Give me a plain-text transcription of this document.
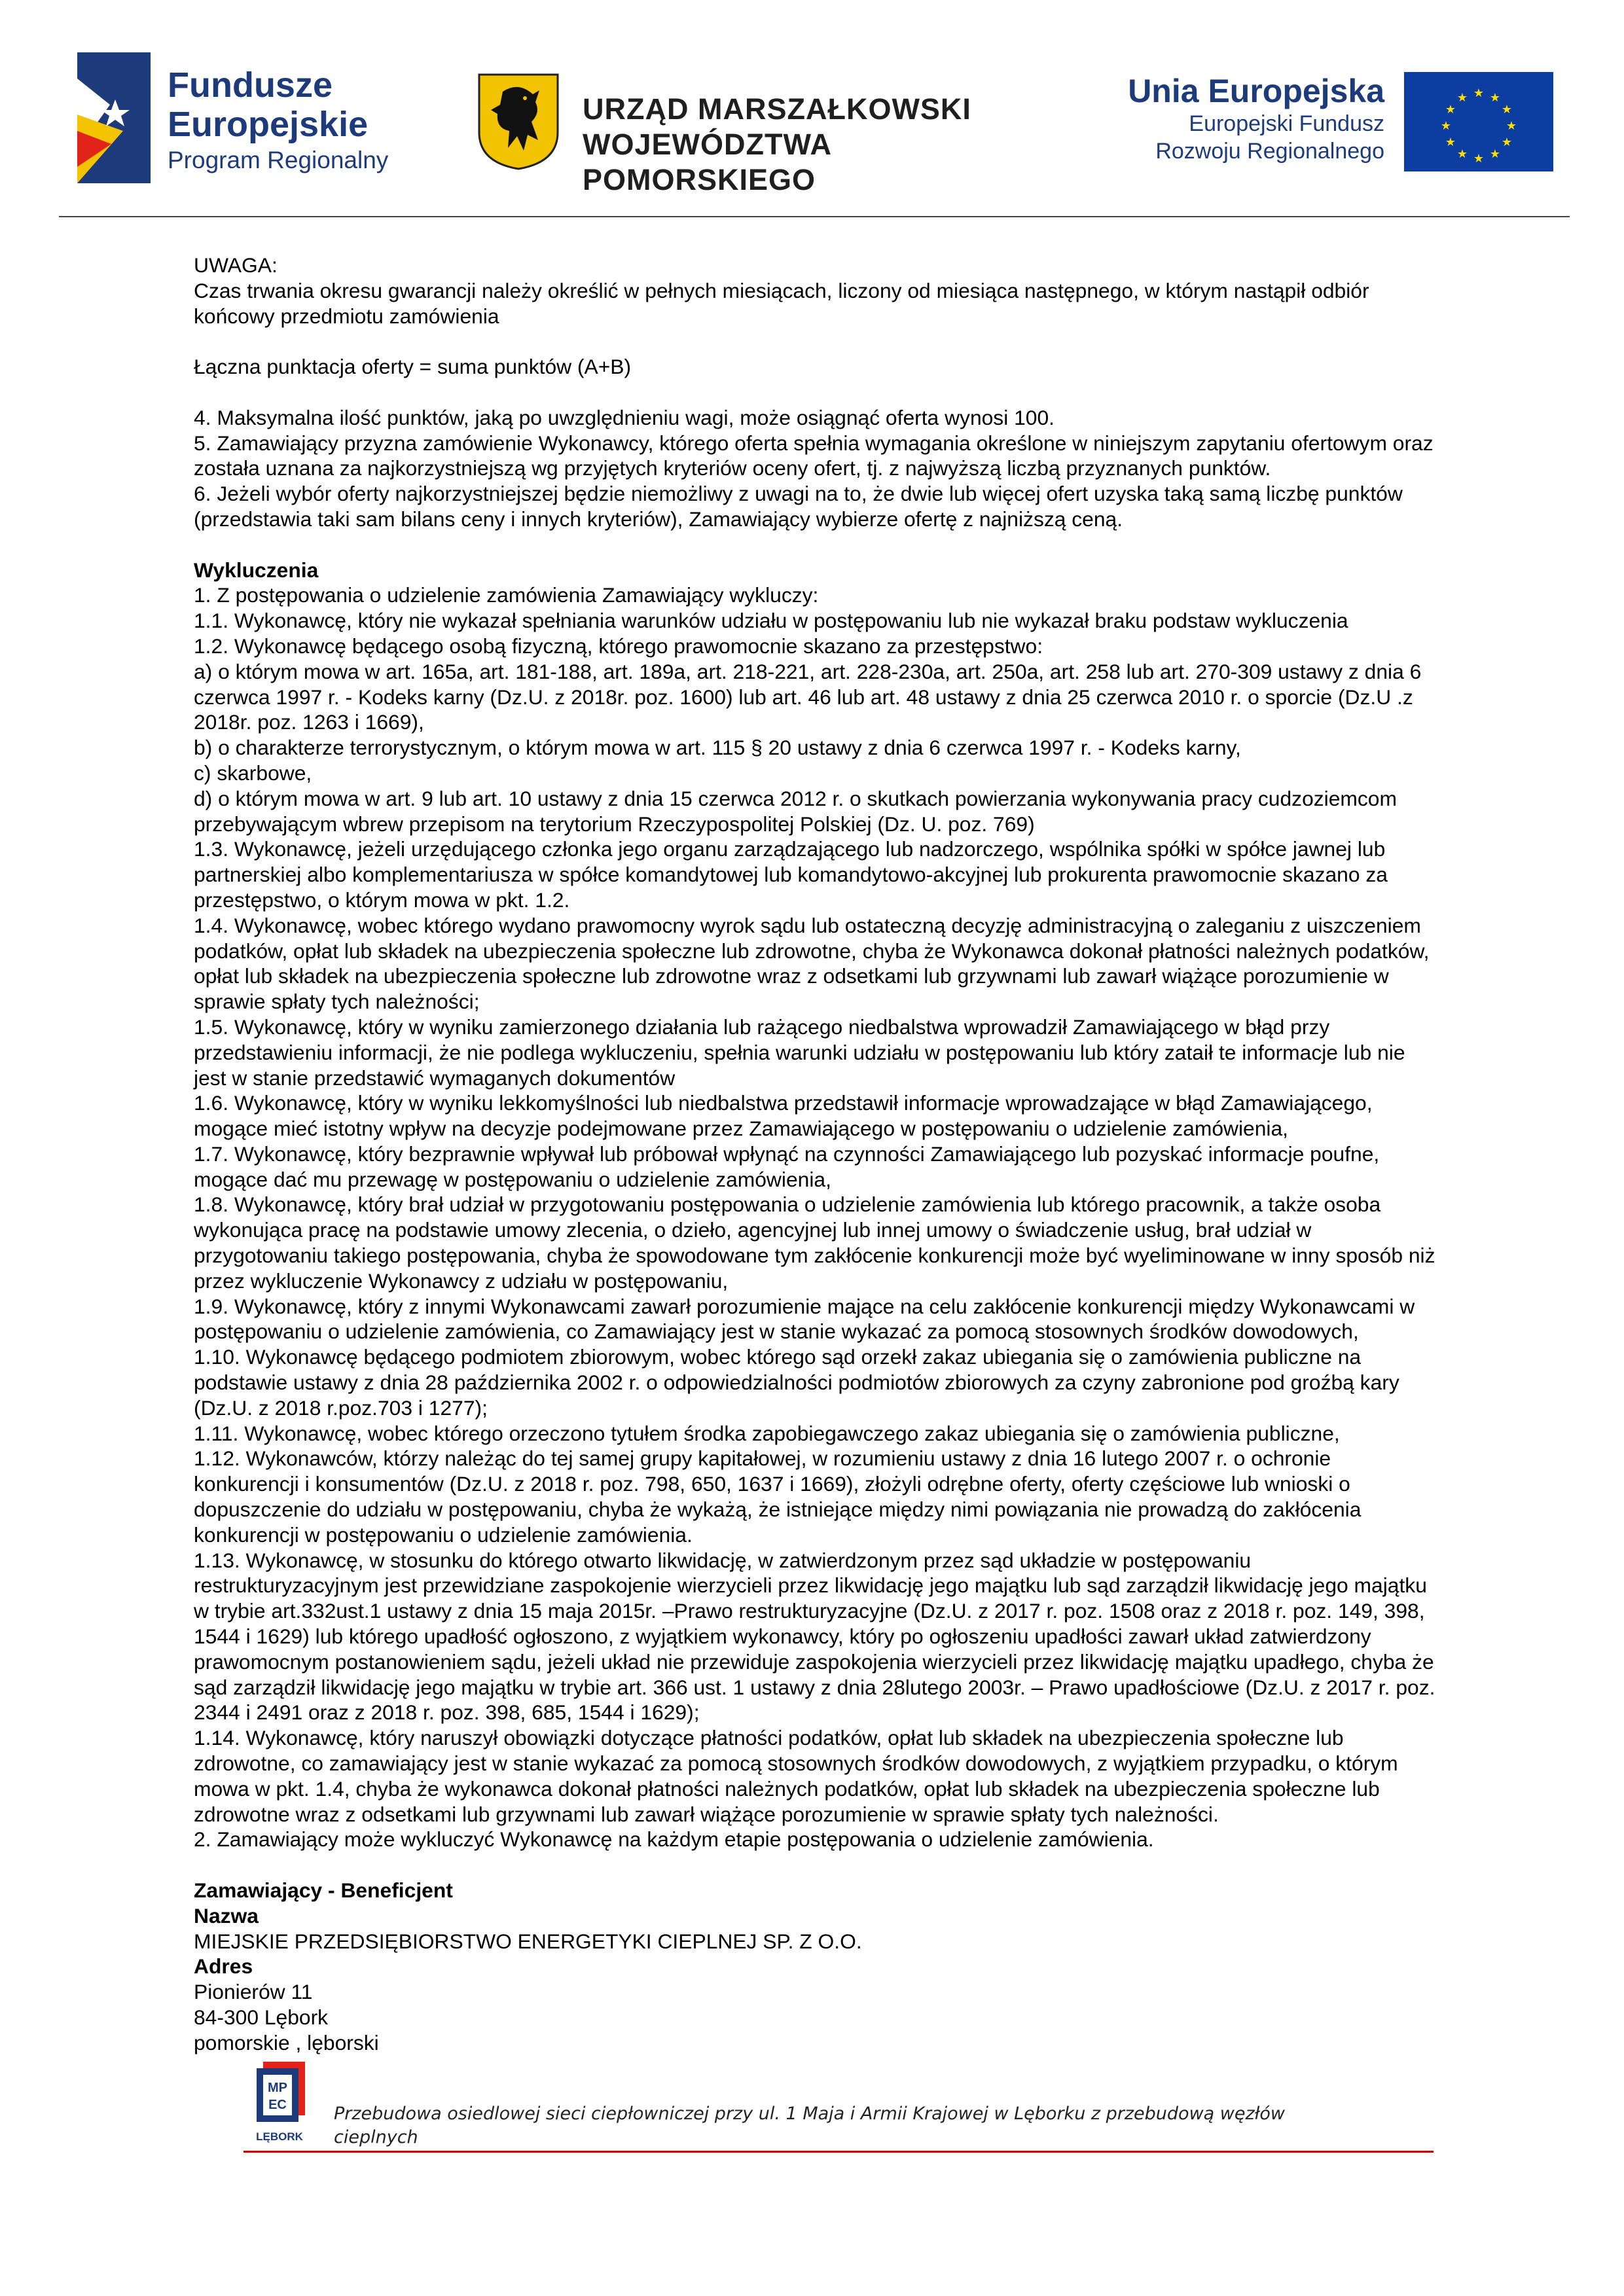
Fundusze
Europejskie
Program Regionalny
URZĄD MARSZAŁKOWSKI
WOJEWÓDZTWA POMORSKIEGO
Unia Europejska
Europejski Fundusz
Rozwoju Regionalnego
★ ★
★
★
★
★
★
★
★
★
★
★

UWAGA:

Czas trwania okresu gwarancji należy określić w pełnych miesiącach, liczony od miesiąca następnego, w którym nastąpił odbiór

końcowy przedmiotu zamówienia

Łączna punktacja oferty = suma punktów (A+B)

4. Maksymalna ilość punktów, jaką po uwzględnieniu wagi, może osiągnąć oferta wynosi 100.

5. Zamawiający przyzna zamówienie Wykonawcy, którego oferta spełnia wymagania określone w niniejszym zapytaniu ofertowym oraz

została uznana za najkorzystniejszą wg przyjętych kryteriów oceny ofert, tj. z najwyższą liczbą przyznanych punktów.

6. Jeżeli wybór oferty najkorzystniejszej będzie niemożliwy z uwagi na to, że dwie lub więcej ofert uzyska taką samą liczbę punktów

(przedstawia taki sam bilans ceny i innych kryteriów), Zamawiający wybierze ofertę z najniższą ceną.

Wykluczenia

1. Z postępowania o udzielenie zamówienia Zamawiający wykluczy:

1.1. Wykonawcę, który nie wykazał spełniania warunków udziału w postępowaniu lub nie wykazał braku podstaw wykluczenia

1.2. Wykonawcę będącego osobą fizyczną, którego prawomocnie skazano za przestępstwo:

a) o którym mowa w art. 165a, art. 181-188, art. 189a, art. 218-221, art. 228-230a, art. 250a, art. 258 lub art. 270-309 ustawy z dnia 6

czerwca 1997 r. - Kodeks karny (Dz.U. z 2018r. poz. 1600) lub art. 46 lub art. 48 ustawy z dnia 25 czerwca 2010 r. o sporcie (Dz.U .z

2018r. poz. 1263 i 1669),

b) o charakterze terrorystycznym, o którym mowa w art. 115 § 20 ustawy z dnia 6 czerwca 1997 r. - Kodeks karny,

c) skarbowe,

d) o którym mowa w art. 9 lub art. 10 ustawy z dnia 15 czerwca 2012 r. o skutkach powierzania wykonywania pracy cudzoziemcom

przebywającym wbrew przepisom na terytorium Rzeczypospolitej Polskiej (Dz. U. poz. 769)

1.3. Wykonawcę, jeżeli urzędującego członka jego organu zarządzającego lub nadzorczego, wspólnika spółki w spółce jawnej lub

partnerskiej albo komplementariusza w spółce komandytowej lub komandytowo-akcyjnej lub prokurenta prawomocnie skazano za

przestępstwo, o którym mowa w pkt. 1.2.

1.4. Wykonawcę, wobec którego wydano prawomocny wyrok sądu lub ostateczną decyzję administracyjną o zaleganiu z uiszczeniem

podatków, opłat lub składek na ubezpieczenia społeczne lub zdrowotne, chyba że Wykonawca dokonał płatności należnych podatków,

opłat lub składek na ubezpieczenia społeczne lub zdrowotne wraz z odsetkami lub grzywnami lub zawarł wiążące porozumienie w

sprawie spłaty tych należności;

1.5. Wykonawcę, który w wyniku zamierzonego działania lub rażącego niedbalstwa wprowadził Zamawiającego w błąd przy

przedstawieniu informacji, że nie podlega wykluczeniu, spełnia warunki udziału w postępowaniu lub który zataił te informacje lub nie

jest w stanie przedstawić wymaganych dokumentów

1.6. Wykonawcę, który w wyniku lekkomyślności lub niedbalstwa przedstawił informacje wprowadzające w błąd Zamawiającego,

mogące mieć istotny wpływ na decyzje podejmowane przez Zamawiającego w postępowaniu o udzielenie zamówienia,

1.7. Wykonawcę, który bezprawnie wpływał lub próbował wpłynąć na czynności Zamawiającego lub pozyskać informacje poufne,

mogące dać mu przewagę w postępowaniu o udzielenie zamówienia,

1.8. Wykonawcę, który brał udział w przygotowaniu postępowania o udzielenie zamówienia lub którego pracownik, a także osoba

wykonująca pracę na podstawie umowy zlecenia, o dzieło, agencyjnej lub innej umowy o świadczenie usług, brał udział w

przygotowaniu takiego postępowania, chyba że spowodowane tym zakłócenie konkurencji może być wyeliminowane w inny sposób niż

przez wykluczenie Wykonawcy z udziału w postępowaniu,

1.9. Wykonawcę, który z innymi Wykonawcami zawarł porozumienie mające na celu zakłócenie konkurencji między Wykonawcami w

postępowaniu o udzielenie zamówienia, co Zamawiający jest w stanie wykazać za pomocą stosownych środków dowodowych,

1.10. Wykonawcę będącego podmiotem zbiorowym, wobec którego sąd orzekł zakaz ubiegania się o zamówienia publiczne na

podstawie ustawy z dnia 28 października 2002 r. o odpowiedzialności podmiotów zbiorowych za czyny zabronione pod groźbą kary

(Dz.U. z 2018 r.poz.703 i 1277);

1.11. Wykonawcę, wobec którego orzeczono tytułem środka zapobiegawczego zakaz ubiegania się o zamówienia publiczne,

1.12. Wykonawców, którzy należąc do tej samej grupy kapitałowej, w rozumieniu ustawy z dnia 16 lutego 2007 r. o ochronie

konkurencji i konsumentów (Dz.U. z 2018 r. poz. 798, 650, 1637 i 1669), złożyli odrębne oferty, oferty częściowe lub wnioski o

dopuszczenie do udziału w postępowaniu, chyba że wykażą, że istniejące między nimi powiązania nie prowadzą do zakłócenia

konkurencji w postępowaniu o udzielenie zamówienia.

1.13. Wykonawcę, w stosunku do którego otwarto likwidację, w zatwierdzonym przez sąd układzie w postępowaniu

restrukturyzacyjnym jest przewidziane zaspokojenie wierzycieli przez likwidację jego majątku lub sąd zarządził likwidację jego majątku

w trybie art.332ust.1 ustawy z dnia 15 maja 2015r. –Prawo restrukturyzacyjne (Dz.U. z 2017 r. poz. 1508 oraz z 2018 r. poz. 149, 398,

1544 i 1629) lub którego upadłość ogłoszono, z wyjątkiem wykonawcy, który po ogłoszeniu upadłości zawarł układ zatwierdzony

prawomocnym postanowieniem sądu, jeżeli układ nie przewiduje zaspokojenia wierzycieli przez likwidację majątku upadłego, chyba że

sąd zarządził likwidację jego majątku w trybie art. 366 ust. 1 ustawy z dnia 28lutego 2003r. – Prawo upadłościowe (Dz.U. z 2017 r. poz.

2344 i 2491 oraz z 2018 r. poz. 398, 685, 1544 i 1629);

1.14. Wykonawcę, który naruszył obowiązki dotyczące płatności podatków, opłat lub składek na ubezpieczenia społeczne lub

zdrowotne, co zamawiający jest w stanie wykazać za pomocą stosownych środków dowodowych, z wyjątkiem przypadku, o którym

mowa w pkt. 1.4, chyba że wykonawca dokonał płatności należnych podatków, opłat lub składek na ubezpieczenia społeczne lub

zdrowotne wraz z odsetkami lub grzywnami lub zawarł wiążące porozumienie w sprawie spłaty tych należności.

2. Zamawiający może wykluczyć Wykonawcę na każdym etapie postępowania o udzielenie zamówienia.

Zamawiający - Beneficjent

Nazwa

MIEJSKIE PRZEDSIĘBIORSTWO ENERGETYKI CIEPLNEJ SP. Z O.O.

Adres

Pionierów 11

84-300 Lębork

pomorskie , lęborski

MP
EC
LĘBORK
Przebudowa osiedlowej sieci ciepłowniczej przy ul. 1 Maja i Armii Krajowej w Lęborku z przebudową węzłów
cieplnych
